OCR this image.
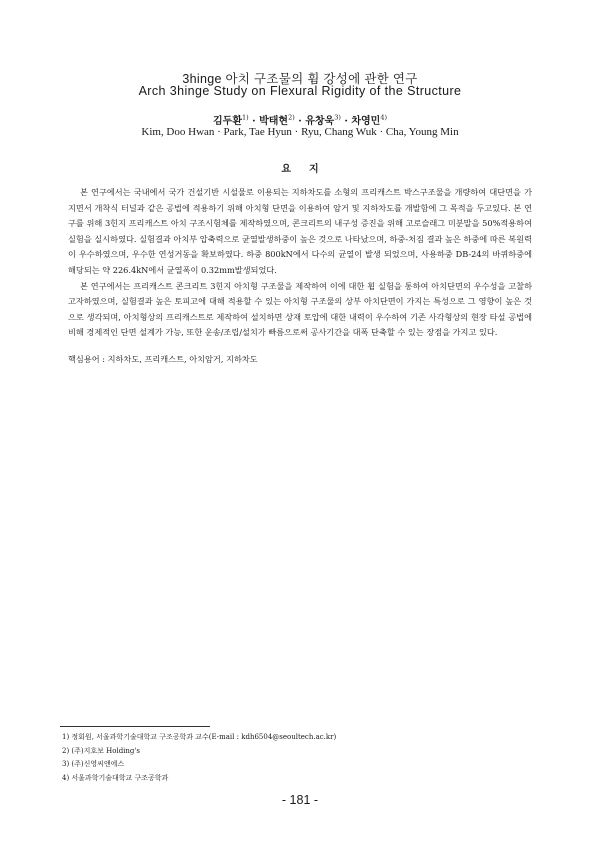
3hinge 아치 구조물의 휨 강성에 관한 연구
Arch 3hinge Study on Flexural Rigidity of the Structure
김두환$^{1)}$ · 박태현$^{2)}$ · 유창욱$^{3)}$ · 차영민$^{4)}$
Kim, Doo Hwan · Park, Tae Hyun · Ryu, Chang Wuk · Cha, Young Min
요지

본 연구에서는 국내에서 국가 건설기반 시설물로 이용되는 지하차도를 소형의 프리캐스트 박스구조물을 개량하여 대단면을 가지면서 개착식 터널과 같은 공법에 적용하기 위해 아치형 단면을 이용하여 암거 및 지하차도를 개발함에 그 목적을 두고있다. 본 연구를 위해 3힌지 프리캐스트 아치 구조시험체를 제작하였으며, 콘크리트의 내구성 증진을 위해 고로슬래그 미분말을 50%적용하여 실험을 실시하였다. 실험결과 아치부 압축력으로 균열발생하중이 높은 것으로 나타났으며, 하중-처짐 결과 높은 하중에 따른 복원력이 우수하였으며, 우수한 연성거동을 확보하였다. 하중 800kN에서 다수의 균열이 발생 되었으며, 사용하중 DB-24의 바퀴하중에 해당되는 약 226.4kN에서 균열폭이 0.32mm발생되었다.

본 연구에서는 프리캐스트 콘크리트 3힌지 아치형 구조물을 제작하여 이에 대한 휨 실험을 통하여 아치단면의 우수성을 고찰하고자하였으며, 실험결과 높은 토피고에 대해 적용할 수 있는 아치형 구조물의 상부 아치단면이 가지는 특성으로 그 영향이 높은 것으로 생각되며, 아치형상의 프리캐스트로 제작하여 설치하면 상재 토압에 대한 내력이 우수하여 기존 사각형상의 현장 타설 공법에 비해 경제적인 단면 설계가 가능, 또한 운송/조립/설치가 빠름으로써 공사기간을 대폭 단축할 수 있는 장점을 가지고 있다.

핵심용어 : 지하차도, 프리캐스트, 아치암거, 지하차도
1) 정회원, 서울과학기술대학교 구조공학과 교수(E-mail : kdh6504@seoultech.ac.kr)
2) (주)지호보 Holding's
3) (주)신영씨앤에스
4) 서울과학기술대학교 구조공학과
- 181 -
